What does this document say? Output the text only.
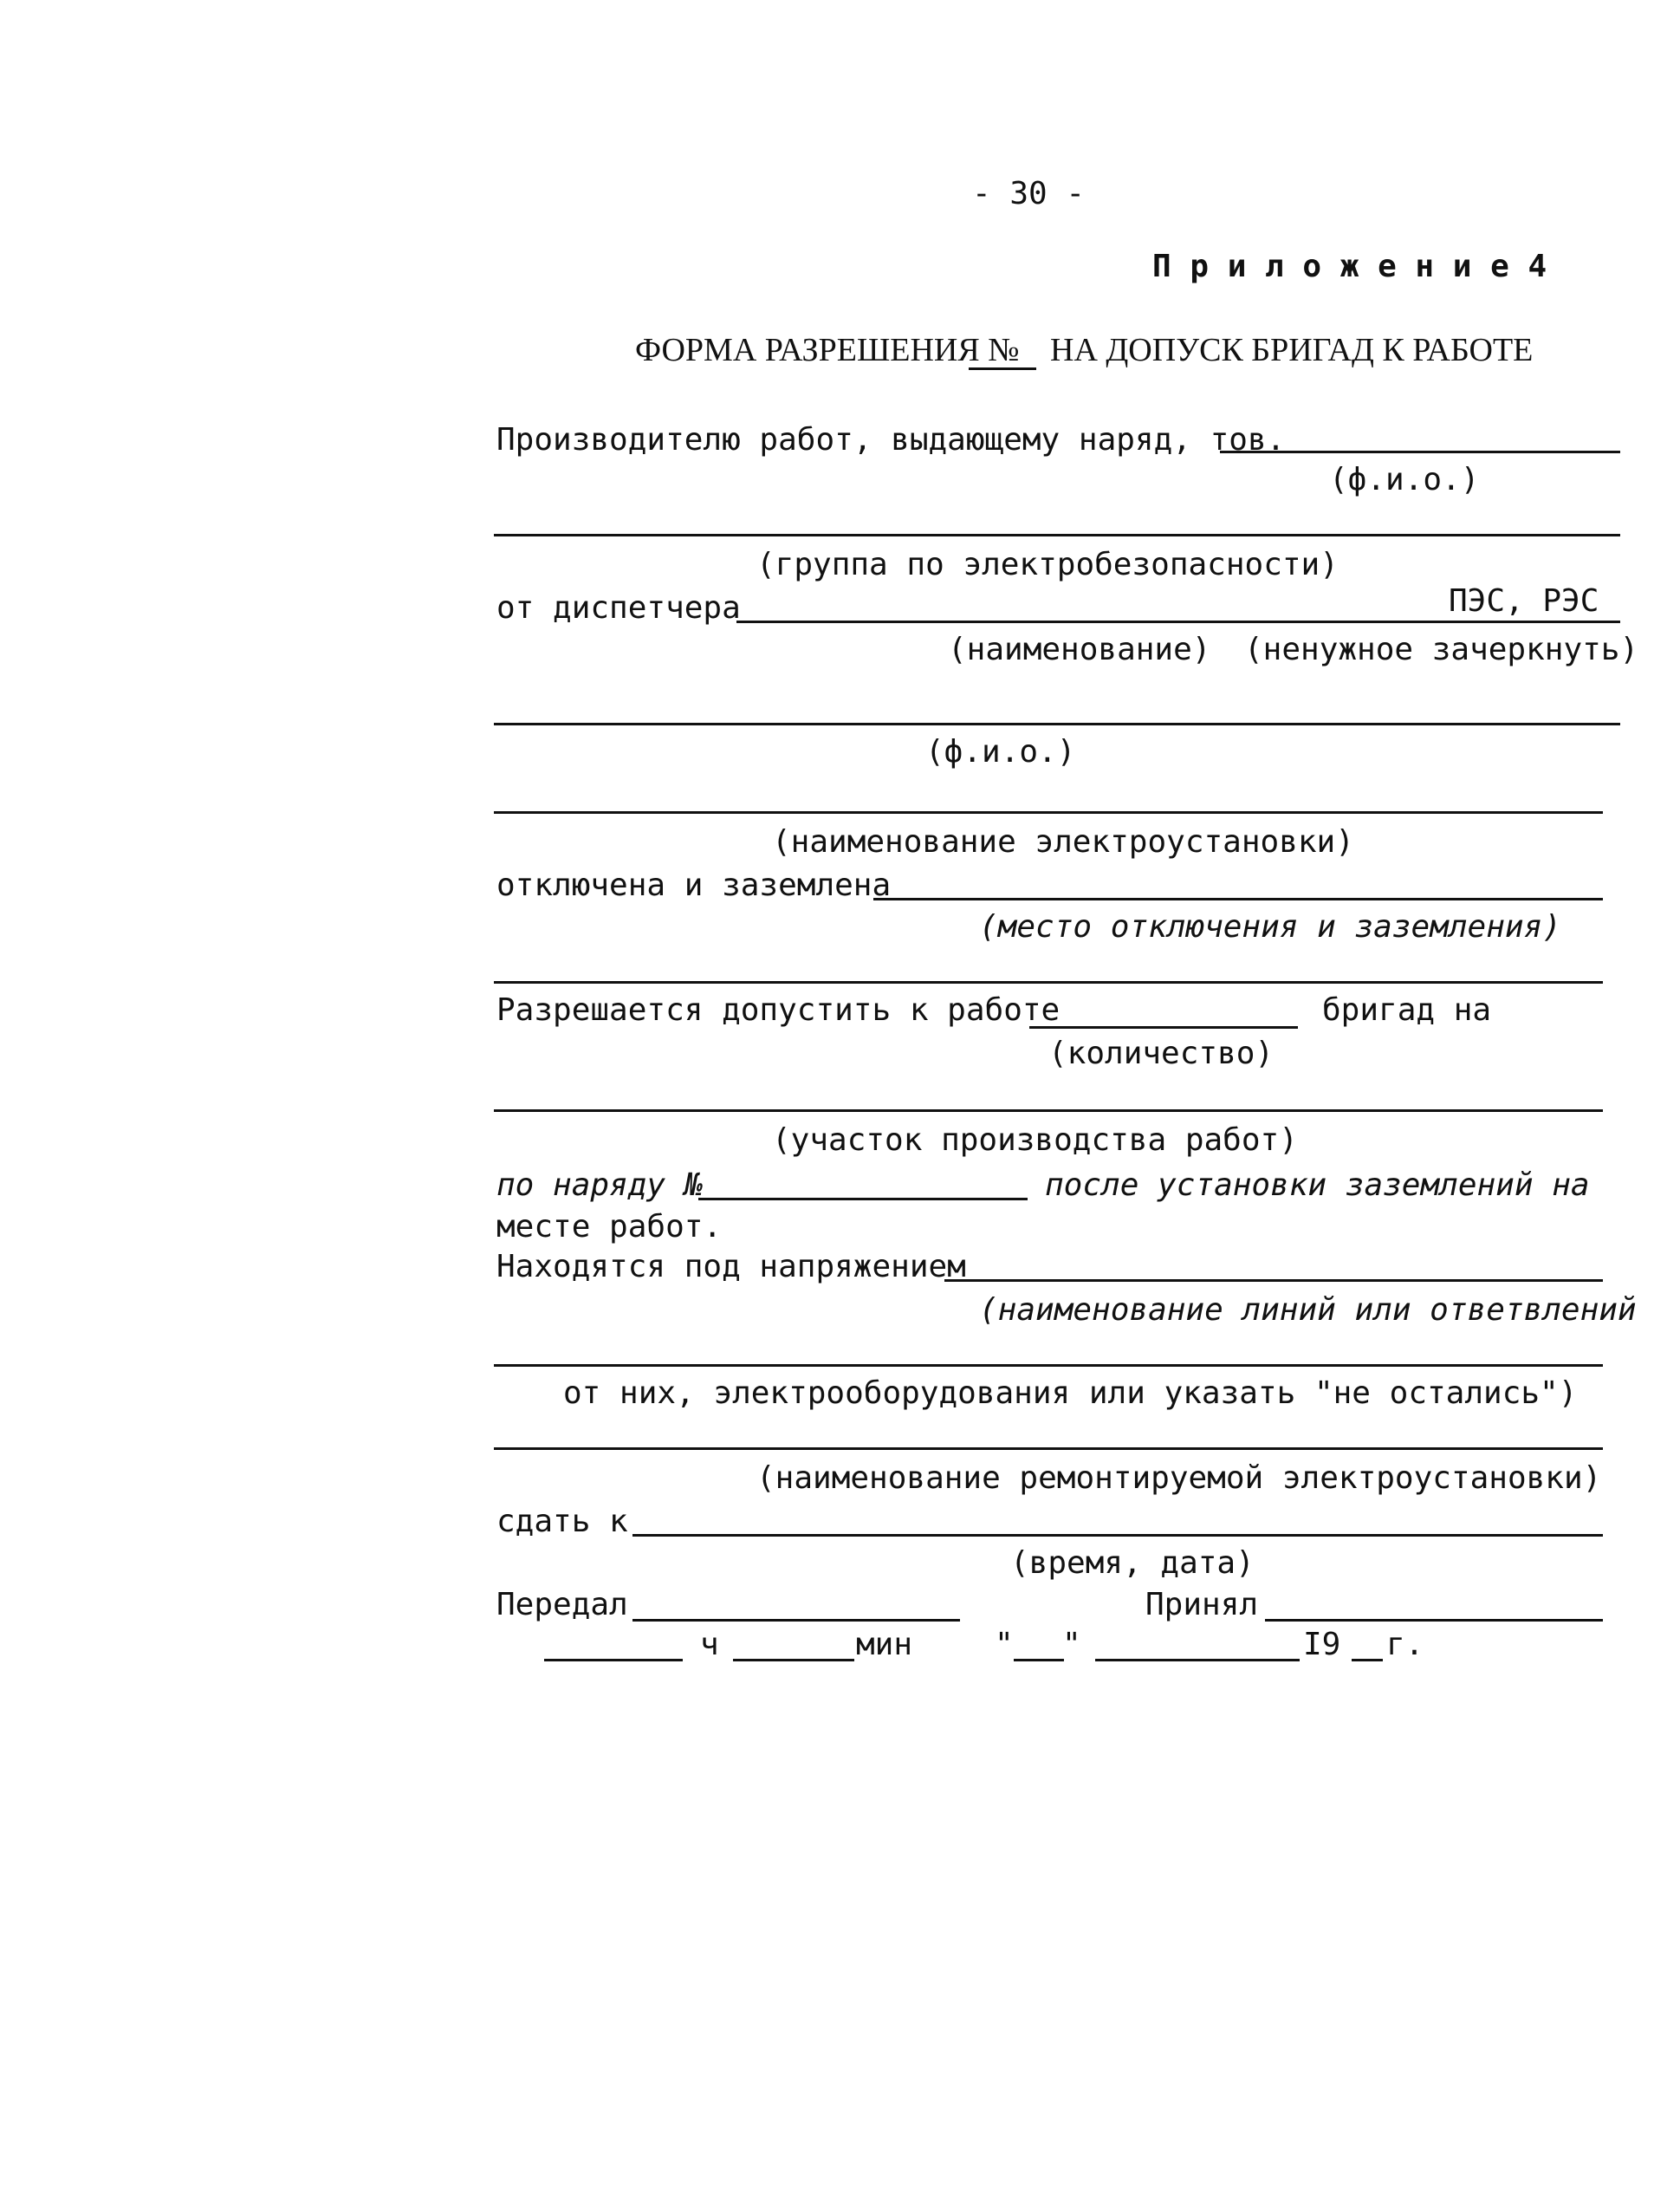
- 30 -
П р и л о ж е н и е 4
ФОРМА РАЗРЕШЕНИЯ № НА ДОПУСК БРИГАД К РАБОТЕ
Производителю работ, выдающему наряд, тов.
(ф.и.о.)
(группа по электробезопасности)
от диспетчера	ПЭС, РЭС
(наименование) (ненужное зачеркнуть)
(ф.и.о.)
(наименование электроустановки)
отключена и заземлена
(место отключения и заземления)
Разрешается допустить к работе	бригад на
(количество)
(участок производства работ)
по наряду №	после установки заземлений на
месте работ.
Находятся под напряжением
(наименование линий или ответвлений
от них, электрооборудования или указать "не остались")
(наименование ремонтируемой электроустановки)
сдать к
(время, дата)
Передал	Принял
ч	мин	" "	I9 г.
